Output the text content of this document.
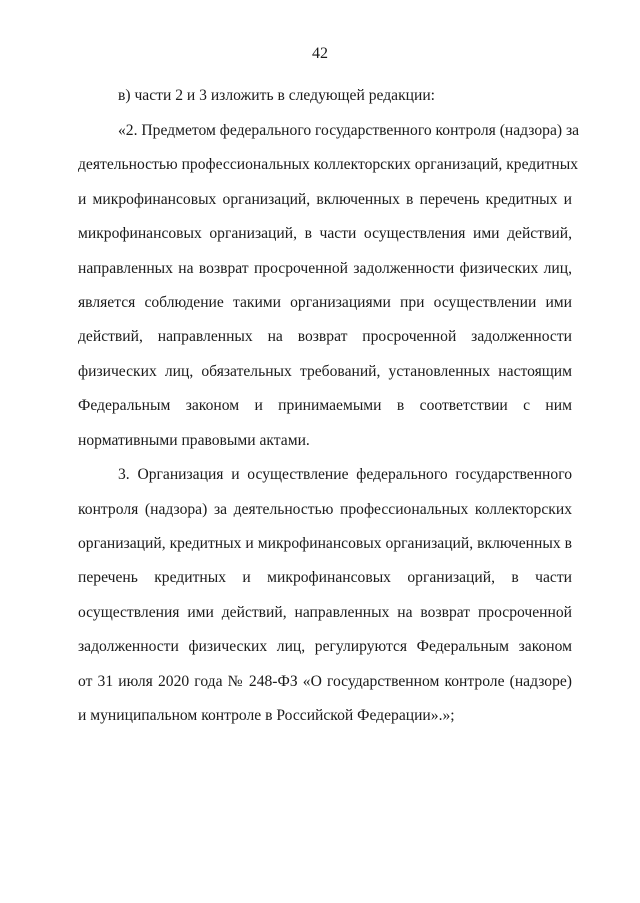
42
в) части 2 и 3 изложить в следующей редакции:
«2. Предметом федерального государственного контроля (надзора) за
деятельностью профессиональных коллекторских организаций, кредитных
и микрофинансовых организаций, включенных в перечень кредитных и
микрофинансовых организаций, в части осуществления ими действий,
направленных на возврат просроченной задолженности физических лиц,
является соблюдение такими организациями при осуществлении ими
действий, направленных на возврат просроченной задолженности
физических лиц, обязательных требований, установленных настоящим
Федеральным законом и принимаемыми в соответствии с ним
нормативными правовыми актами.
3. Организация и осуществление федерального государственного
контроля (надзора) за деятельностью профессиональных коллекторских
организаций, кредитных и микрофинансовых организаций, включенных в
перечень кредитных и микрофинансовых организаций, в части
осуществления ими действий, направленных на возврат просроченной
задолженности физических лиц, регулируются Федеральным законом
от 31 июля 2020 года № 248-ФЗ «О государственном контроле (надзоре)
и муниципальном контроле в Российской Федерации».»;
